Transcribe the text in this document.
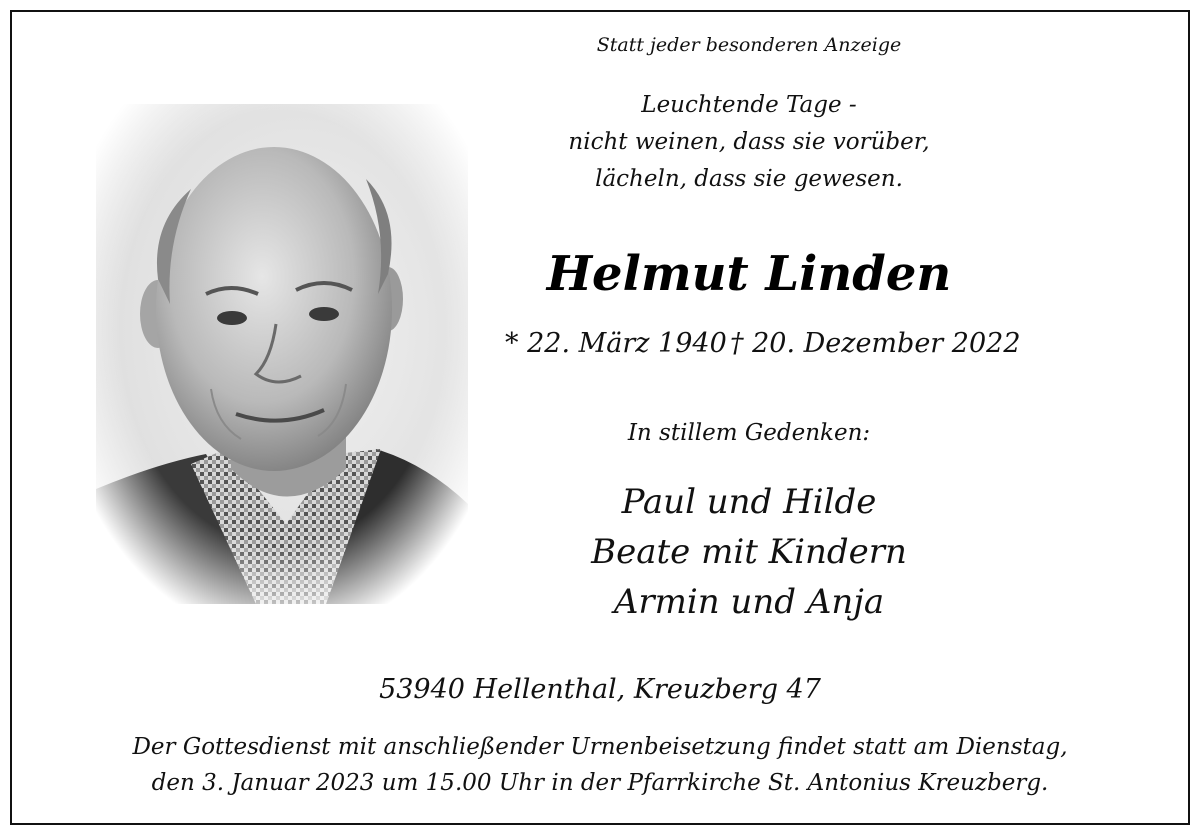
Statt jeder besonderen Anzeige
Leuchtende Tage -
nicht weinen, dass sie vorüber,
lächeln, dass sie gewesen.
Helmut Linden
* 22. März 1940 † 20. Dezember 2022
In stillem Gedenken:
Paul und Hilde
Beate mit Kindern
Armin und Anja
53940 Hellenthal, Kreuzberg 47
Der Gottesdienst mit anschließender Urnenbeisetzung findet statt am Dienstag,
den 3. Januar 2023 um 15.00 Uhr in der Pfarrkirche St. Antonius Kreuzberg.
